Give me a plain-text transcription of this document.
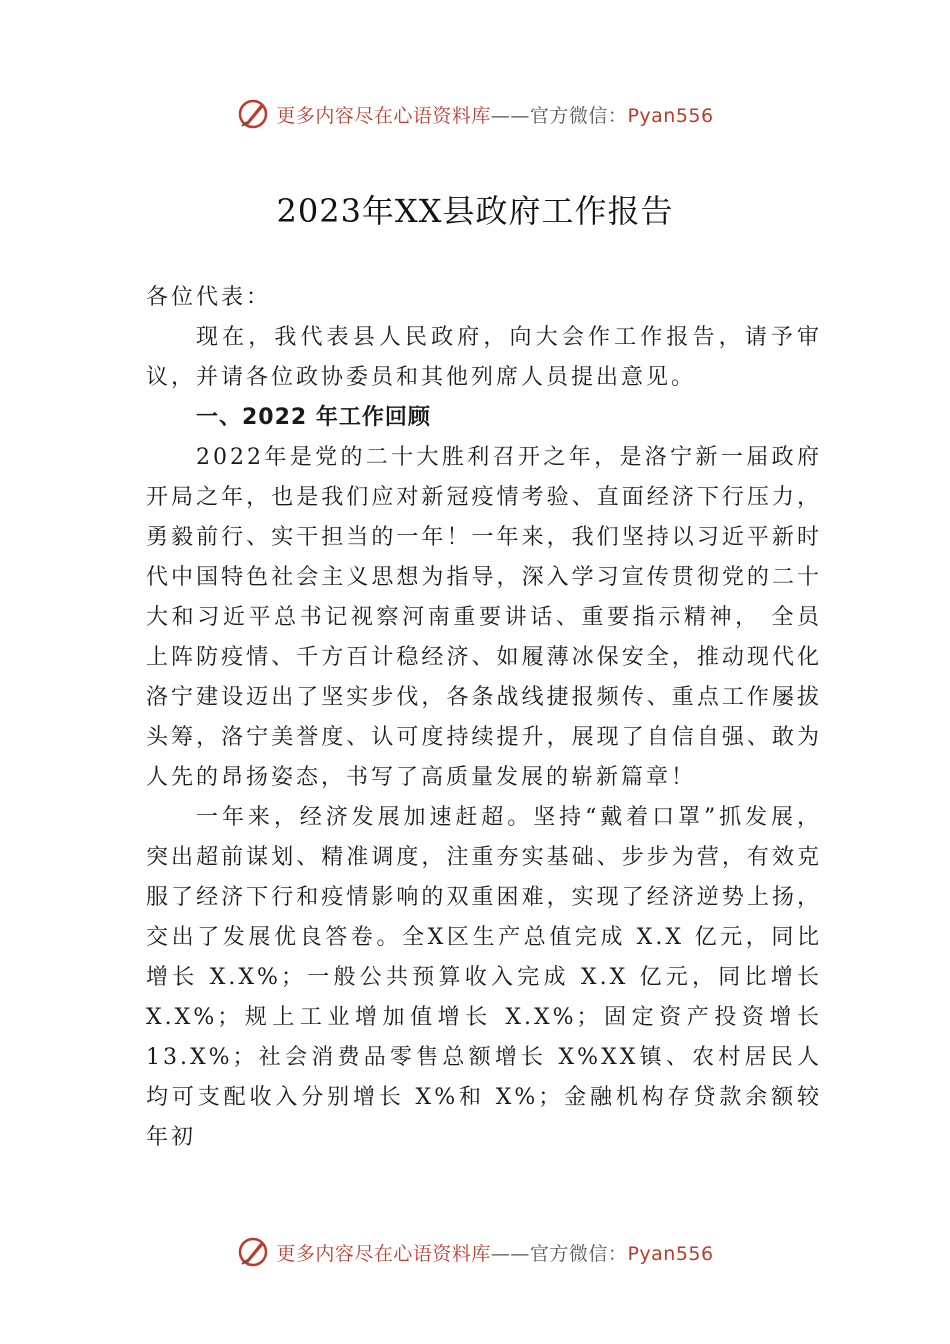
更多内容尽在心语资料库——官方微信：Pyan556
2023年XX县政府工作报告

各位代表：

现在，我代表县人民政府，向大会作工作报告，请予审议，并请各位政协委员和其他列席人员提出意见。

一、2022 年工作回顾

2022年是党的二十大胜利召开之年，是洛宁新一届政府开局之年，也是我们应对新冠疫情考验、直面经济下行压力，勇毅前行、实干担当的一年！一年来，我们坚持以习近平新时代中国特色社会主义思想为指导，深入学习宣传贯彻党的二十大和习近平总书记视察河南重要讲话、重要指示精神， 全员上阵防疫情、千方百计稳经济、如履薄冰保安全，推动现代化洛宁建设迈出了坚实步伐，各条战线捷报频传、重点工作屡拔头筹，洛宁美誉度、认可度持续提升，展现了自信自强、敢为人先的昂扬姿态，书写了高质量发展的崭新篇章！

一年来，经济发展加速赶超。坚持“戴着口罩”抓发展，突出超前谋划、精准调度，注重夯实基础、步步为营，有效克服了经济下行和疫情影响的双重困难，实现了经济逆势上扬，交出了发展优良答卷。全X区生产总值完成 X.X 亿元，同比增长 X.X%；一般公共预算收入完成 X.X 亿元，同比增长 X.X%；规上工业增加值增长 X.X%；固定资产投资增长 13.X%；社会消费品零售总额增长 X%XX镇、农村居民人均可支配收入分别增长 X%和 X%；金融机构存贷款余额较年初

更多内容尽在心语资料库——官方微信：Pyan556
